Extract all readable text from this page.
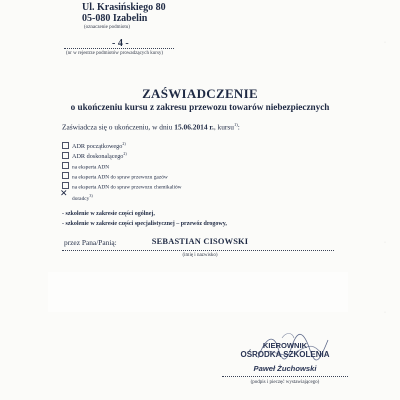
Ul. Krasińskiego 80
05-080 Izabelin
(oznaczenie podmiotu)
- 4 -
(nr w rejestrze podmiotów prowadzących kursy)
ZAŚWIADCZENIE
o ukończeniu kursu z zakresu przewozu towarów niebezpiecznych
Zaświadcza się o ukończeniu, w dniu 15.06.2014 r., kursu$^{1)}$:
ADR początkowego$^{2)}$
ADR doskonalącego$^{2)}$
na eksperta ADN
na eksperta ADN do spraw przewozu gazów
na eksperta ADN do spraw przewozu chemikaliów
doradcy$^{3)}$
✕
- szkolenie w zakresie części ogólnej,
- szkolenie w zakresie części specjalistycznej – przewóz drogowy,
przez Pana/Panią:	SEBASTIAN CISOWSKI
(imię i nazwisko)
KIEROWNIK
OŚRODKA SZKOLENIA
Paweł Żuchowski
(podpis i pieczęć wystawiającego)
·
·
·
